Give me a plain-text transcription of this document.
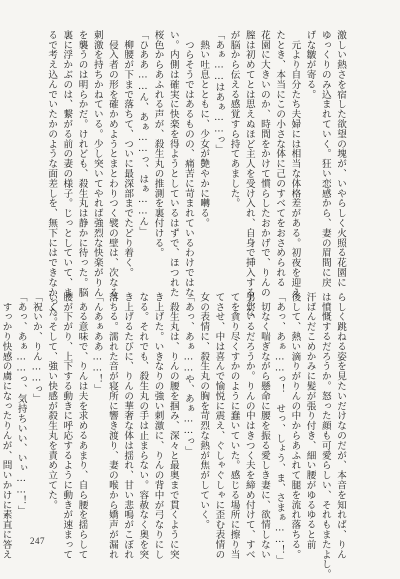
激しい熱さを宿した欲望の塊が、いやらしく火照る花園に
ゆっくりのみ込まれていく。狂い恋感から、妻の眉間に戻
げな皺が寄る。
　元より自分たち夫婦には相当な体格差がある。初夜を迎え
たとき、本当にこの小さな体に己のすべてをおさめられる
花園に大きいのか、時間をかけて慣らしたおかげで、りんの
膣は初めてとは思えぬほど主人を受け入れ、自身で挿入するんな
が脳から伝える感覚すら持てあました。
「あぁ……はあぁ……っ」
　熱い吐息とともに、少女が艶やかに囀る。
　つらそうではあるものの、痛苦に苛まれているわけではな
い。内側は確実に快楽を得ようとしているはずで、ほつれた
桜色からあふれる声が、殺生丸の推測を裏付ける。
「ひああ……ん、あぁ……っ、はぁ……ん」
　柳腰が下まで落ちて、ついに最深部までたどり着く。
　侵入者の形を確かめようとまとわりつく襞の壁は、次なる
刺激を持ちかねている。少し突いてやれば強烈な快楽がりん
を襲うのは明らかだ。けれども、殺生丸は静かに待った。脳
裏に浮かぶのは、繋がる前の妻の様子。じっとしていて、ま
るで考え込んでいたかのような面差しを、無下にはできなかった。
らしく跳ねる姿を見たいだけなのだが、本音を知れば、りん
は憤慨するだろうか。怒った顔も可愛らしい、それもまたよし。
汗ばんだこめかみに髪が張り付き、細い腰がゆるゆると前
後して、熱い滴りがりんの中からあふれて腿を流れ落ちる。
「あっ、あぁ……っ！　せっ、しょう、ま、さまぁ……！」
　切なく喘ぎながら懸命に腰を振る愛しき妻に、欲情しない
男がいるだろうか。りんの中はきつく夫を締め付けて、すべ
てを貪り尽くすかのように蠢いていた。感じる場所に擦り当
てさせ、中は喜んで愉悦に震え、ぐしゃぐしゃに歪む表情の
女の表情に、殺生丸の胸を苛烈な熱が焦がしていく。
「あっ、あぁ……や、あぁ……っ」
　殺生丸は、りんの腰を掴み、深々と最奥まで貫くように突
き上げた。いきなりの強い刺激に、りんの背中が弓なりにし
なる。それでも、殺生丸の手は止まらない。容赦なく奥を突
き上げるたびに、りんの華奢な体は揺れ、甘い悲鳴がこぼれ
落ちる。濡れた音が寝所に響き渡り、妻の喉から嬌声が漏れ
「んあぁああ……！」
　ある意味で、りんは夫を求めるあまり、自ら腰を揺らして
腰が下がり、上下する動きに呼応するように動きが速まって
いく。そして、強い快感が殺生丸を責め立てた。
「祝いか、りん……っ」
「あっ、あぁ……っ、気持ちいい、いぃ……！」
　すっかり快感の虜になったりんが、問いかけに素直に答え 247
